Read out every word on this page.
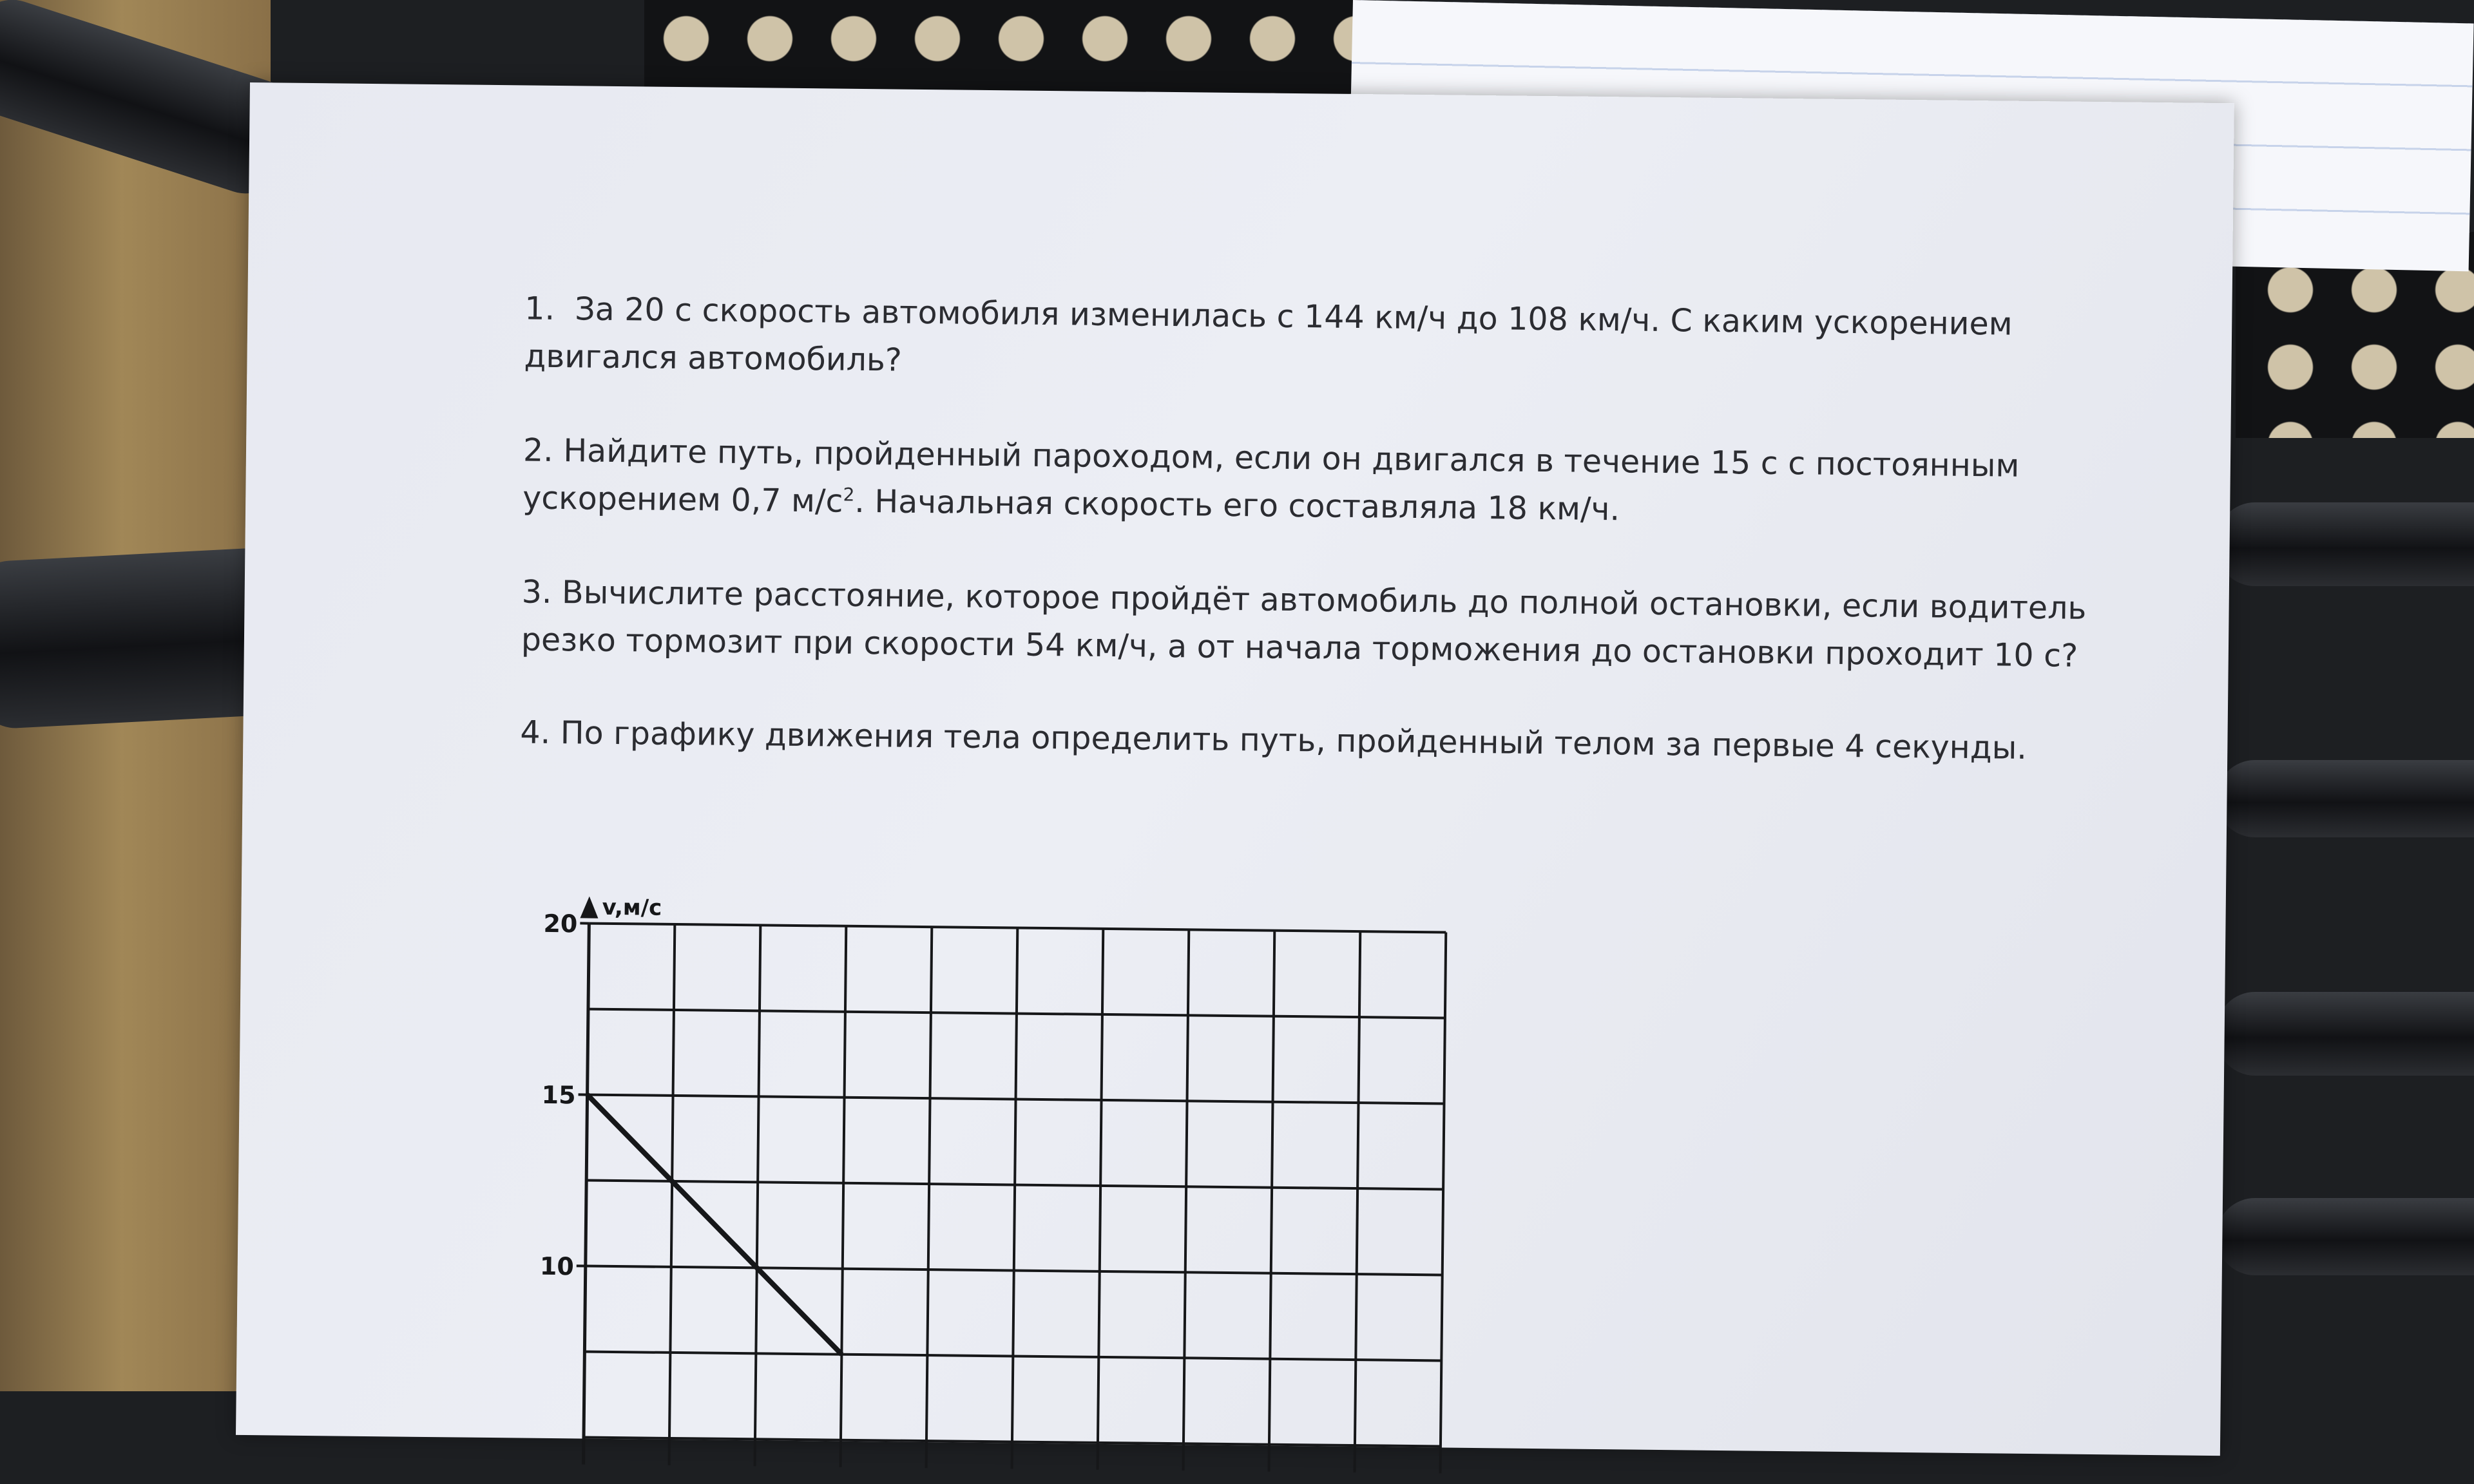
1. За 20 с скорость автомобиля изменилась с 144 км/ч до 108 км/ч. С каким ускорением
двигался автомобиль?
2. Найдите путь, пройденный пароходом, если он двигался в течение 15 с с постоянным
ускорением 0,7 $м/с^2$. Начальная скорость его составляла 18 км/ч.
3. Вычислите расстояние, которое пройдёт автомобиль до полной остановки, если водитель
резко тормозит при скорости 54 км/ч, а от начала торможения до остановки проходит 10 с?
4. По графику движения тела определить путь, пройденный телом за первые 4 секунды.
v,м/с
20
15
10
